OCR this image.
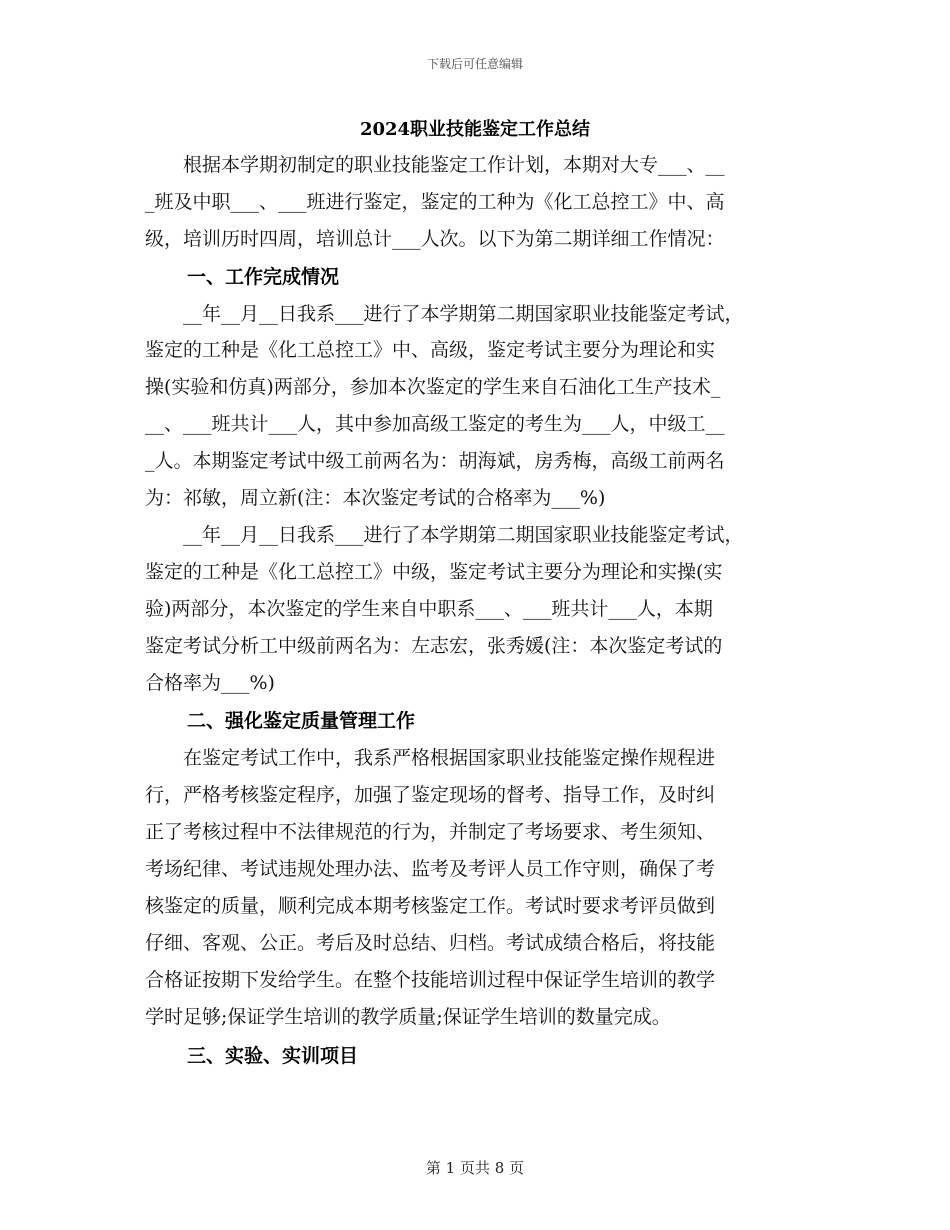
下载后可任意编辑
2024职业技能鉴定工作总结
　　根据本学期初制定的职业技能鉴定工作计划，本期对大专___、__
_班及中职___、___班进行鉴定，鉴定的工种为《化工总控工》中、高
级，培训历时四周，培训总计___人次。以下为第二期详细工作情况：
一、工作完成情况
　　__年__月__日我系___进行了本学期第二期国家职业技能鉴定考试，
鉴定的工种是《化工总控工》中、高级，鉴定考试主要分为理论和实
操(实验和仿真)两部分，参加本次鉴定的学生来自石油化工生产技术_
__、___班共计___人，其中参加高级工鉴定的考生为___人，中级工__
_人。本期鉴定考试中级工前两名为：胡海斌，房秀梅，高级工前两名
为：祁敏，周立新(注：本次鉴定考试的合格率为___%)
　　__年__月__日我系___进行了本学期第二期国家职业技能鉴定考试，
鉴定的工种是《化工总控工》中级，鉴定考试主要分为理论和实操(实
验)两部分，本次鉴定的学生来自中职系___、___班共计___人，本期
鉴定考试分析工中级前两名为：左志宏，张秀媛(注：本次鉴定考试的
合格率为___%)
二、强化鉴定质量管理工作
　　在鉴定考试工作中，我系严格根据国家职业技能鉴定操作规程进
行，严格考核鉴定程序，加强了鉴定现场的督考、指导工作，及时纠
正了考核过程中不法律规范的行为，并制定了考场要求、考生须知、
考场纪律、考试违规处理办法、监考及考评人员工作守则，确保了考
核鉴定的质量，顺利完成本期考核鉴定工作。考试时要求考评员做到
仔细、客观、公正。考后及时总结、归档。考试成绩合格后，将技能
合格证按期下发给学生。在整个技能培训过程中保证学生培训的教学
学时足够;保证学生培训的教学质量;保证学生培训的数量完成。
三、实验、实训项目
第 1 页共 8 页
